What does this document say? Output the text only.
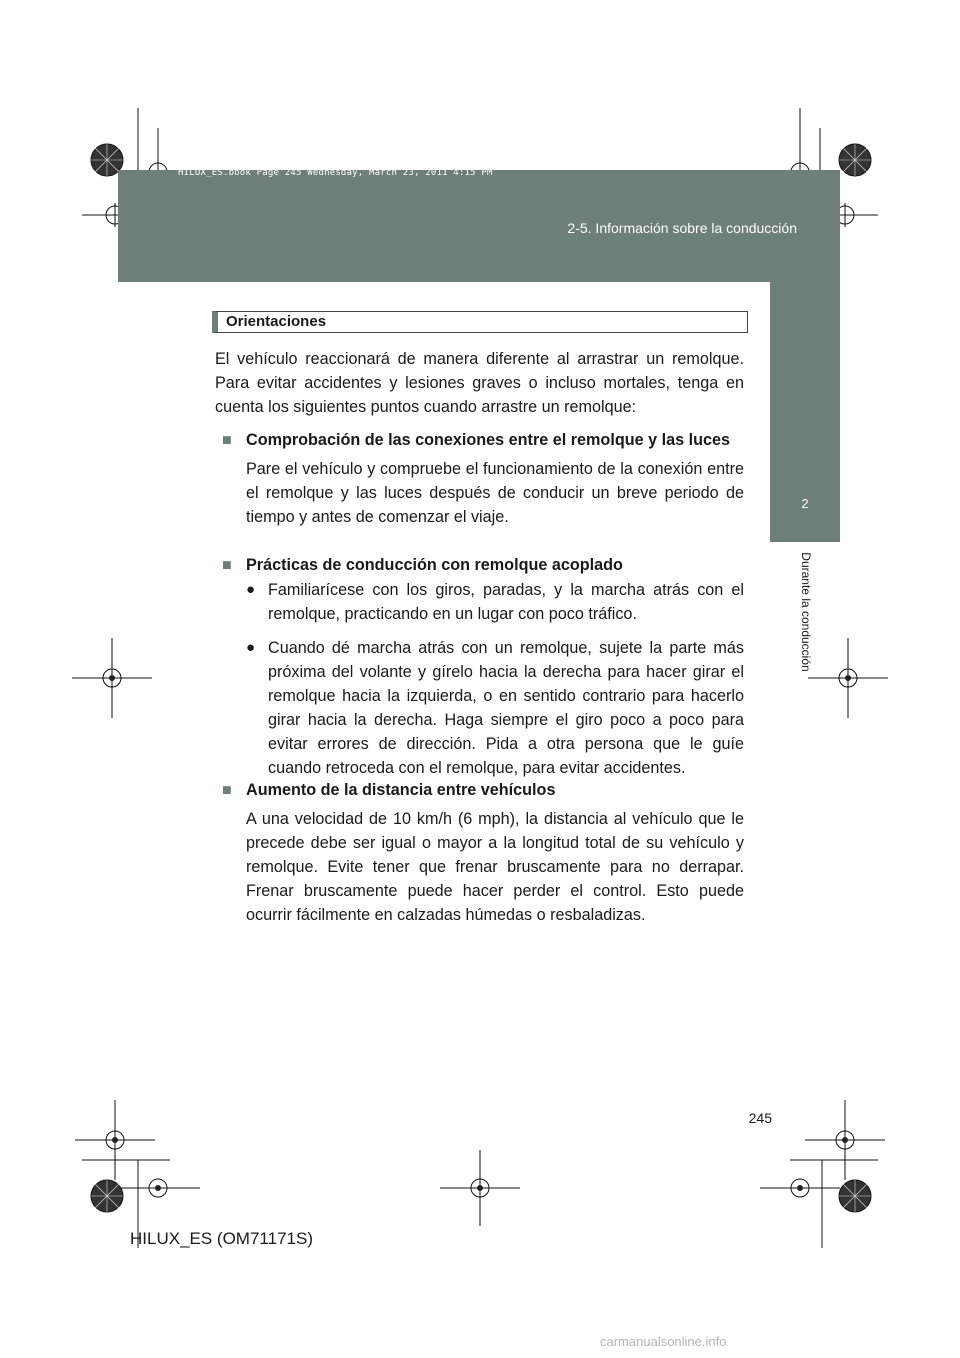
HILUX_ES.book Page 245 Wednesday, March 23, 2011 4:15 PM
2-5. Información sobre la conducción
2
Durante la conducción
Orientaciones

El vehículo reaccionará de manera diferente al arrastrar un remolque. Para evitar accidentes y lesiones graves o incluso mortales, tenga en cuenta los siguientes puntos cuando arrastre un remolque:

■ Comprobación de las conexiones entre el remolque y las luces
Pare el vehículo y compruebe el funcionamiento de la conexión entre el remolque y las luces después de conducir un breve periodo de tiempo y antes de comenzar el viaje.
■ Prácticas de conducción con remolque acoplado
● Familiarícese con los giros, paradas, y la marcha atrás con el remolque, practicando en un lugar con poco tráfico.
● Cuando dé marcha atrás con un remolque, sujete la parte más próxima del volante y gírelo hacia la derecha para hacer girar el remolque hacia la izquierda, o en sentido contrario para hacerlo girar hacia la derecha. Haga siempre el giro poco a poco para evitar errores de dirección. Pida a otra persona que le guíe cuando retroceda con el remolque, para evitar accidentes.
■ Aumento de la distancia entre vehículos
A una velocidad de 10 km/h (6 mph), la distancia al vehículo que le precede debe ser igual o mayor a la longitud total de su vehículo y remolque. Evite tener que frenar bruscamente para no derrapar. Frenar bruscamente puede hacer perder el control. Esto puede ocurrir fácilmente en calzadas húmedas o resbaladizas.
245
HILUX_ES (OM71171S)
carmanualsonline.info
